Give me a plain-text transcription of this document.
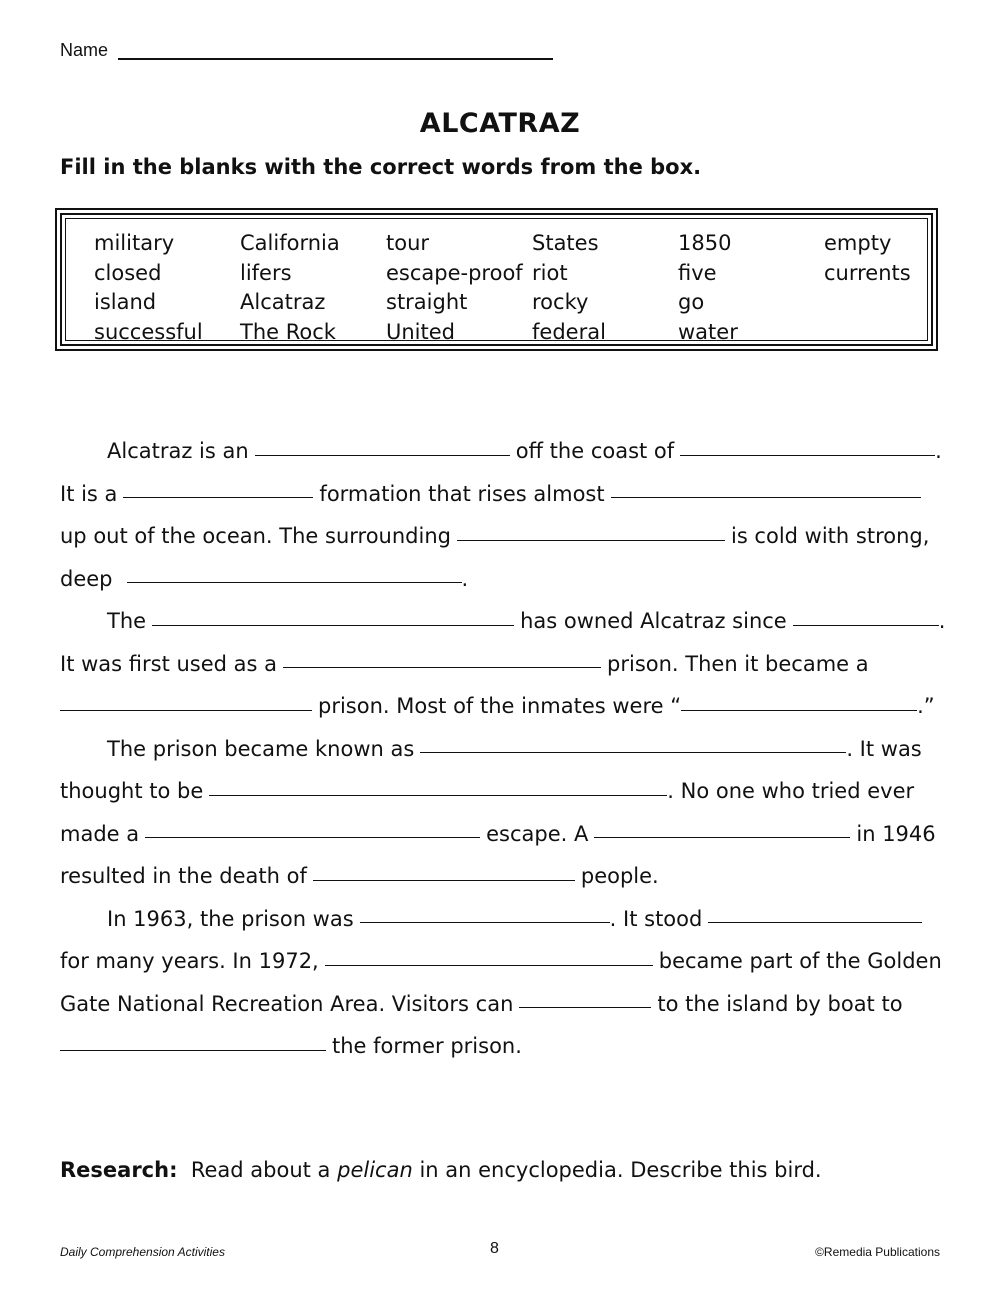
Name
ALCATRAZ
Fill in the blanks with the correct words from the box.
military	California	tour	States	1850	empty
closed	lifers	escape-proof riot	five	currents
island	Alcatraz	straight	rocky	go
successful	The Rock	United	federal	water
Alcatraz is an	off the coast of	.
It is a	formation that rises almost
up out of the ocean. The surrounding	is cold with strong,
deep	.
The	has owned Alcatraz since	.
It was first used as a	prison. Then it became a
prison. Most of the inmates were “	.”
The prison became known as	. It was
thought to be	. No one who tried ever
made a	escape. A	in 1946
resulted in the death of	people.
In 1963, the prison was	. It stood
for many years. In 1972,	became part of the Golden
Gate National Recreation Area. Visitors can	to the island by boat to
the former prison.
Research: Read about a pelican in an encyclopedia. Describe this bird.
Daily Comprehension Activities	8	©Remedia Publications
